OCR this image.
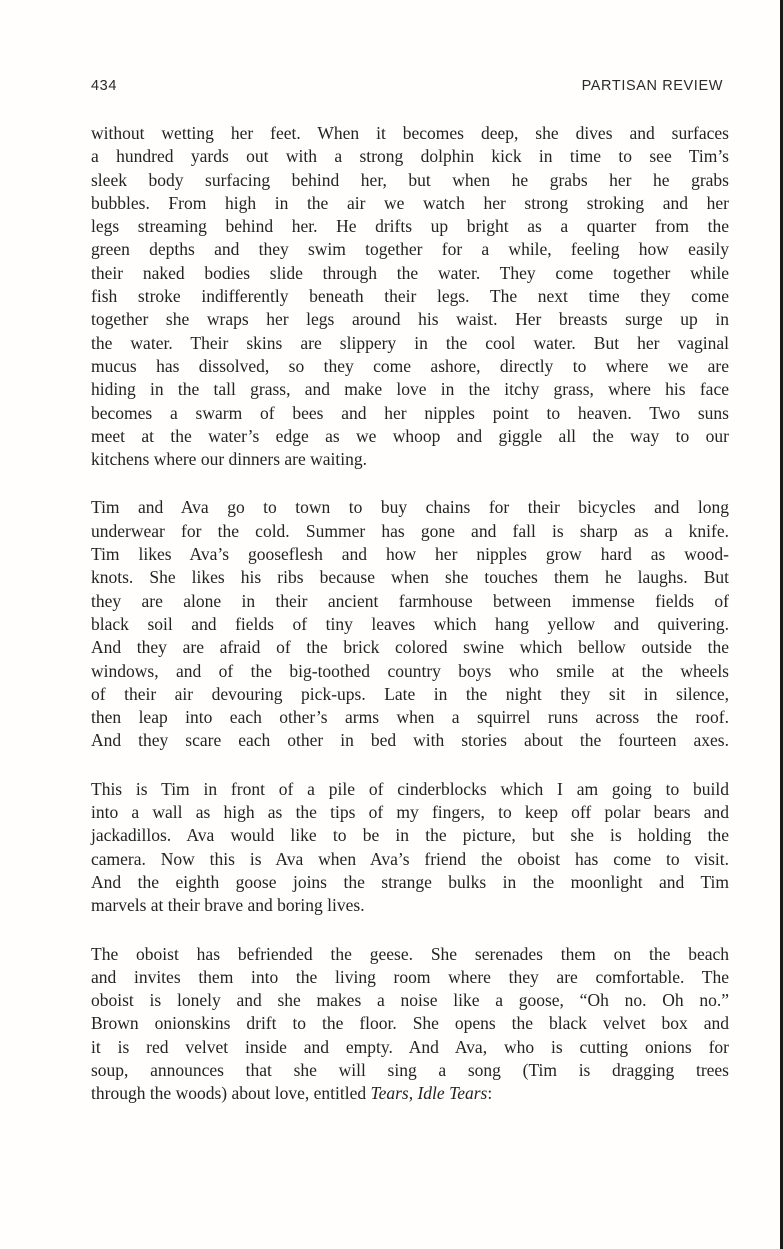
434	PARTISAN REVIEW

without wetting her feet. When it becomes deep, she dives and surfaces
a hundred yards out with a strong dolphin kick in time to see Tim’s
sleek body surfacing behind her, but when he grabs her he grabs
bubbles. From high in the air we watch her strong stroking and her
legs streaming behind her. He drifts up bright as a quarter from the
green depths and they swim together for a while, feeling how easily
their naked bodies slide through the water. They come together while
fish stroke indifferently beneath their legs. The next time they come
together she wraps her legs around his waist. Her breasts surge up in
the water. Their skins are slippery in the cool water. But her vaginal
mucus has dissolved, so they come ashore, directly to where we are
hiding in the tall grass, and make love in the itchy grass, where his face
becomes a swarm of bees and her nipples point to heaven. Two suns
meet at the water’s edge as we whoop and giggle all the way to our
kitchens where our dinners are waiting.

Tim and Ava go to town to buy chains for their bicycles and long
underwear for the cold. Summer has gone and fall is sharp as a knife.
Tim likes Ava’s gooseflesh and how her nipples grow hard as wood-
knots. She likes his ribs because when she touches them he laughs. But
they are alone in their ancient farmhouse between immense fields of
black soil and fields of tiny leaves which hang yellow and quivering.
And they are afraid of the brick colored swine which bellow outside the
windows, and of the big-toothed country boys who smile at the wheels
of their air devouring pick-ups. Late in the night they sit in silence,
then leap into each other’s arms when a squirrel runs across the roof.
And they scare each other in bed with stories about the fourteen axes.

This is Tim in front of a pile of cinderblocks which I am going to build
into a wall as high as the tips of my fingers, to keep off polar bears and
jackadillos. Ava would like to be in the picture, but she is holding the
camera. Now this is Ava when Ava’s friend the oboist has come to visit.
And the eighth goose joins the strange bulks in the moonlight and Tim
marvels at their brave and boring lives.

The oboist has befriended the geese. She serenades them on the beach
and invites them into the living room where they are comfortable. The
oboist is lonely and she makes a noise like a goose, “Oh no. Oh no.”
Brown onionskins drift to the floor. She opens the black velvet box and
it is red velvet inside and empty. And Ava, who is cutting onions for
soup, announces that she will sing a song (Tim is dragging trees
through the woods) about love, entitled Tears, Idle Tears:
